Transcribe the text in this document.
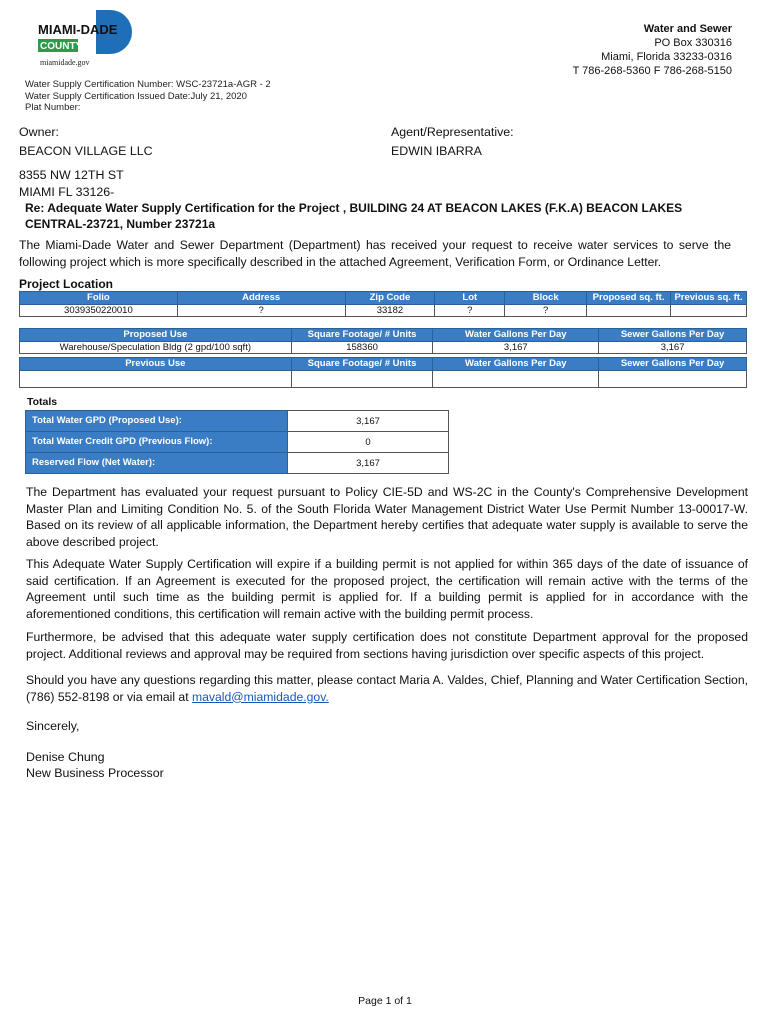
MIAMI-DADE
COUNTY
miamidade.gov
Water and Sewer
PO Box 330316
Miami, Florida 33233-0316
T 786-268-5360 F 786-268-5150
Water Supply Certification Number: WSC-23721a-AGR - 2
Water Supply Certification Issued Date:July 21, 2020
Plat Number:
Owner:
BEACON VILLAGE LLC
8355 NW 12TH ST
MIAMI FL 33126-
Agent/Representative:
EDWIN IBARRA
Re: Adequate Water Supply Certification for the Project , BUILDING 24 AT BEACON LAKES (F.K.A) BEACON LAKES
CENTRAL-23721, Number 23721a
The Miami-Dade Water and Sewer Department (Department) has received your request to receive water services to serve the following project which is more specifically described in the attached Agreement, Verification Form, or Ordinance Letter.
Project Location
Folio	Address	Zip Code	Lot	Block	Proposed sq. ft.	Previous sq. ft.
3039350220010	?	33182	?	?		
Proposed Use	Square Footage/ # Units	Water Gallons Per Day	Sewer Gallons Per Day
Warehouse/Speculation Bldg (2 gpd/100 sqft)	158360	3,167	3,167
Previous Use	Square Footage/ # Units	Water Gallons Per Day	Sewer Gallons Per Day

Totals
Total Water GPD (Proposed Use):	3,167
Total Water Credit GPD (Previous Flow):	0
Reserved Flow (Net Water):	3,167
The Department has evaluated your request pursuant to Policy CIE-5D and WS-2C in the County's Comprehensive Development Master Plan and Limiting Condition No. 5. of the South Florida Water Management District Water Use Permit Number 13-00017-W. Based on its review of all applicable information, the Department hereby certifies that adequate water supply is available to serve the above described project.
This Adequate Water Supply Certification will expire if a building permit is not applied for within 365 days of the date of issuance of said certification. If an Agreement is executed for the proposed project, the certification will remain active with the terms of the Agreement until such time as the building permit is applied for. If a building permit is applied for in accordance with the aforementioned conditions, this certification will remain active with the building permit process.
Furthermore, be advised that this adequate water supply certification does not constitute Department approval for the proposed project. Additional reviews and approval may be required from sections having jurisdiction over specific aspects of this project.
Should you have any questions regarding this matter, please contact Maria A. Valdes, Chief, Planning and Water Certification Section, (786) 552-8198 or via email at mavald@miamidade.gov.
Sincerely,
Denise Chung
New Business Processor
Page 1 of 1
